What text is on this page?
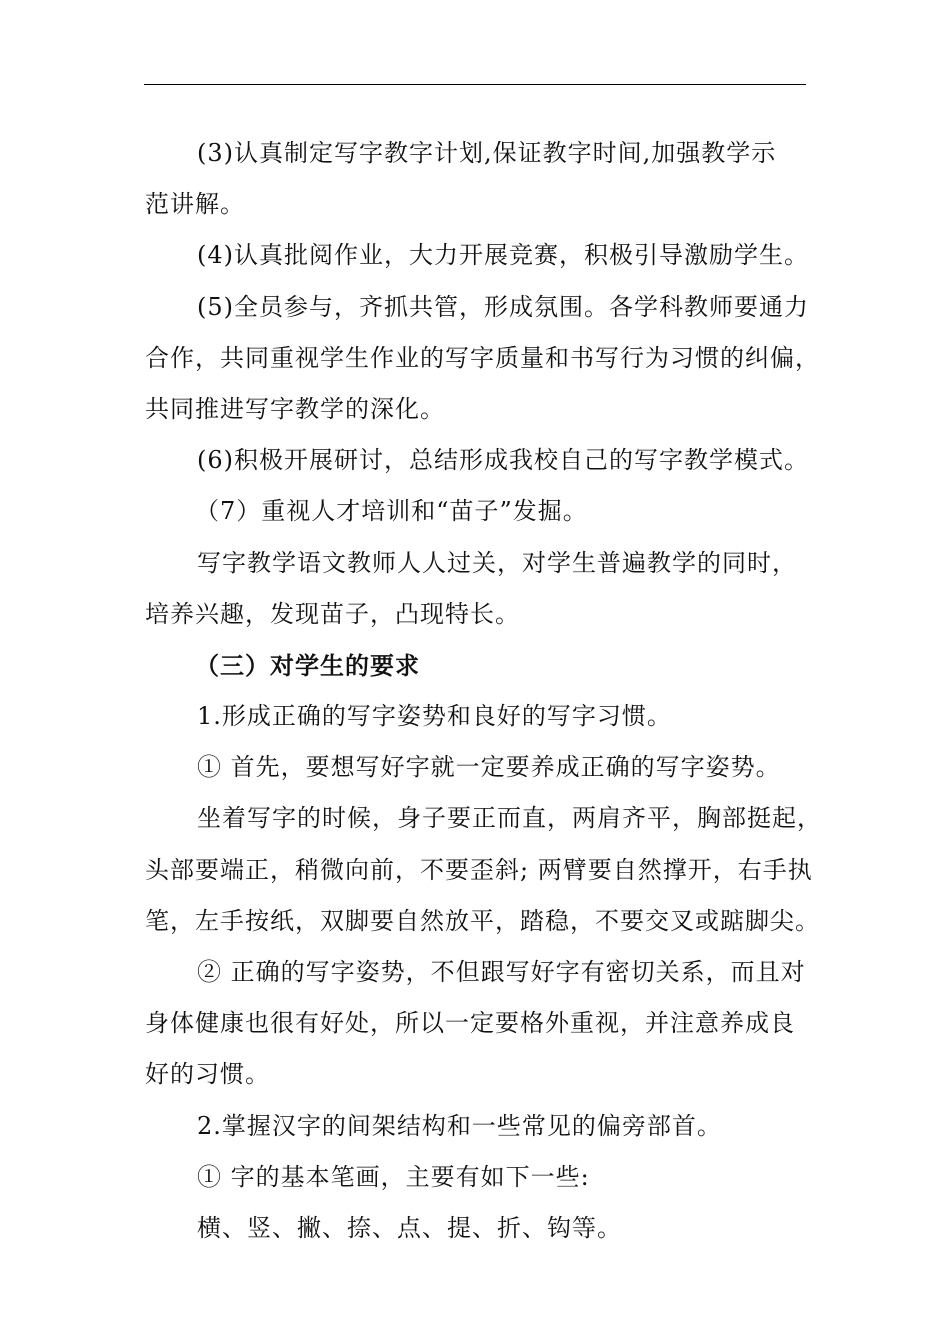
(3)认真制定写字教字计划,保证教字时间,加强教学示
范讲解。
(4)认真批阅作业，大力开展竞赛，积极引导激励学生。
(5)全员参与，齐抓共管，形成氛围。各学科教师要通力
合作，共同重视学生作业的写字质量和书写行为习惯的纠偏，
共同推进写字教学的深化。
(6)积极开展研讨，总结形成我校自己的写字教学模式。
（7）重视人才培训和“苗子”发掘。
写字教学语文教师人人过关，对学生普遍教学的同时，
培养兴趣，发现苗子，凸现特长。
（三）对学生的要求
1.形成正确的写字姿势和良好的写字习惯。
① 首先，要想写好字就一定要养成正确的写字姿势。
坐着写字的时候，身子要正而直，两肩齐平，胸部挺起，
头部要端正，稍微向前，不要歪斜; 两臂要自然撑开，右手执
笔，左手按纸，双脚要自然放平，踏稳，不要交叉或踮脚尖。
② 正确的写字姿势，不但跟写好字有密切关系，而且对
身体健康也很有好处，所以一定要格外重视，并注意养成良
好的习惯。
2.掌握汉字的间架结构和一些常见的偏旁部首。
① 字的基本笔画，主要有如下一些:
横、竖、撇、捺、点、提、折、钩等。
